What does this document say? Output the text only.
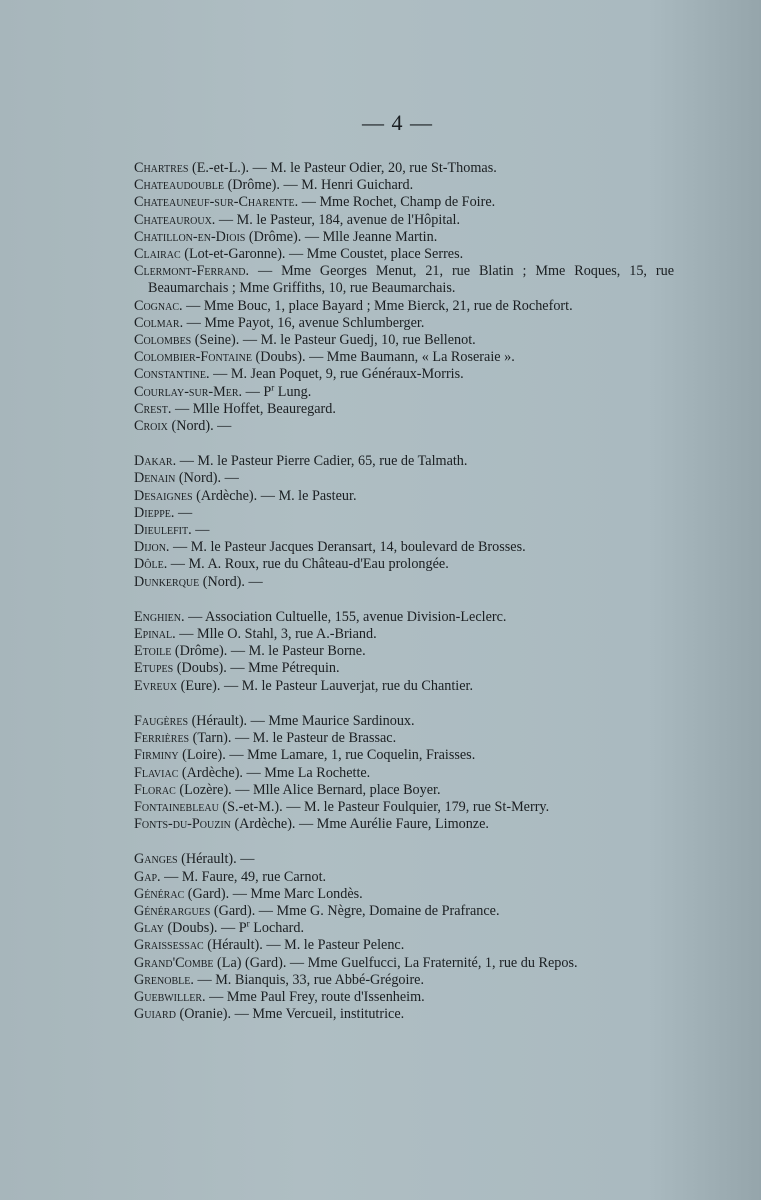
— 4 —

Chartres (E.-et-L.). — M. le Pasteur Odier, 20, rue St-Thomas.

Chateaudouble (Drôme). — M. Henri Guichard.

Chateauneuf-sur-Charente. — Mme Rochet, Champ de Foire.

Chateauroux. — M. le Pasteur, 184, avenue de l'Hôpital.

Chatillon-en-Diois (Drôme). — Mlle Jeanne Martin.

Clairac (Lot-et-Garonne). — Mme Coustet, place Serres.

Clermont-Ferrand. — Mme Georges Menut, 21, rue Blatin ; Mme Roques, 15, rue Beaumarchais ; Mme Griffiths, 10, rue Beaumarchais.

Cognac. — Mme Bouc, 1, place Bayard ; Mme Bierck, 21, rue de Rochefort.

Colmar. — Mme Payot, 16, avenue Schlumberger.

Colombes (Seine). — M. le Pasteur Guedj, 10, rue Bellenot.

Colombier-Fontaine (Doubs). — Mme Baumann, « La Roseraie ».

Constantine. — M. Jean Poquet, 9, rue Généraux-Morris.

Courlay-sur-Mer. — $P^r$ Lung.

Crest. — Mlle Hoffet, Beauregard.

Croix (Nord). —

Dakar. — M. le Pasteur Pierre Cadier, 65, rue de Talmath.

Denain (Nord). —

Desaignes (Ardèche). — M. le Pasteur.

Dieppe. —

Dieulefit. —

Dijon. — M. le Pasteur Jacques Deransart, 14, boulevard de Brosses.

Dôle. — M. A. Roux, rue du Château-d'Eau prolongée.

Dunkerque (Nord). —

Enghien. — Association Cultuelle, 155, avenue Division-Leclerc.

Epinal. — Mlle O. Stahl, 3, rue A.-Briand.

Etoile (Drôme). — M. le Pasteur Borne.

Etupes (Doubs). — Mme Pétrequin.

Evreux (Eure). — M. le Pasteur Lauverjat, rue du Chantier.

Faugères (Hérault). — Mme Maurice Sardinoux.

Ferrières (Tarn). — M. le Pasteur de Brassac.

Firminy (Loire). — Mme Lamare, 1, rue Coquelin, Fraisses.

Flaviac (Ardèche). — Mme La Rochette.

Florac (Lozère). — Mlle Alice Bernard, place Boyer.

Fontainebleau (S.-et-M.). — M. le Pasteur Foulquier, 179, rue St-Merry.

Fonts-du-Pouzin (Ardèche). — Mme Aurélie Faure, Limonze.

Ganges (Hérault). —

Gap. — M. Faure, 49, rue Carnot.

Générac (Gard). — Mme Marc Londès.

Générargues (Gard). — Mme G. Nègre, Domaine de Prafrance.

Glay (Doubs). — $P^r$ Lochard.

Graissessac (Hérault). — M. le Pasteur Pelenc.

Grand'Combe (La) (Gard). — Mme Guelfucci, La Fraternité, 1, rue du Repos.

Grenoble. — M. Bianquis, 33, rue Abbé-Grégoire.

Guebwiller. — Mme Paul Frey, route d'Issenheim.

Guiard (Oranie). — Mme Vercueil, institutrice.
